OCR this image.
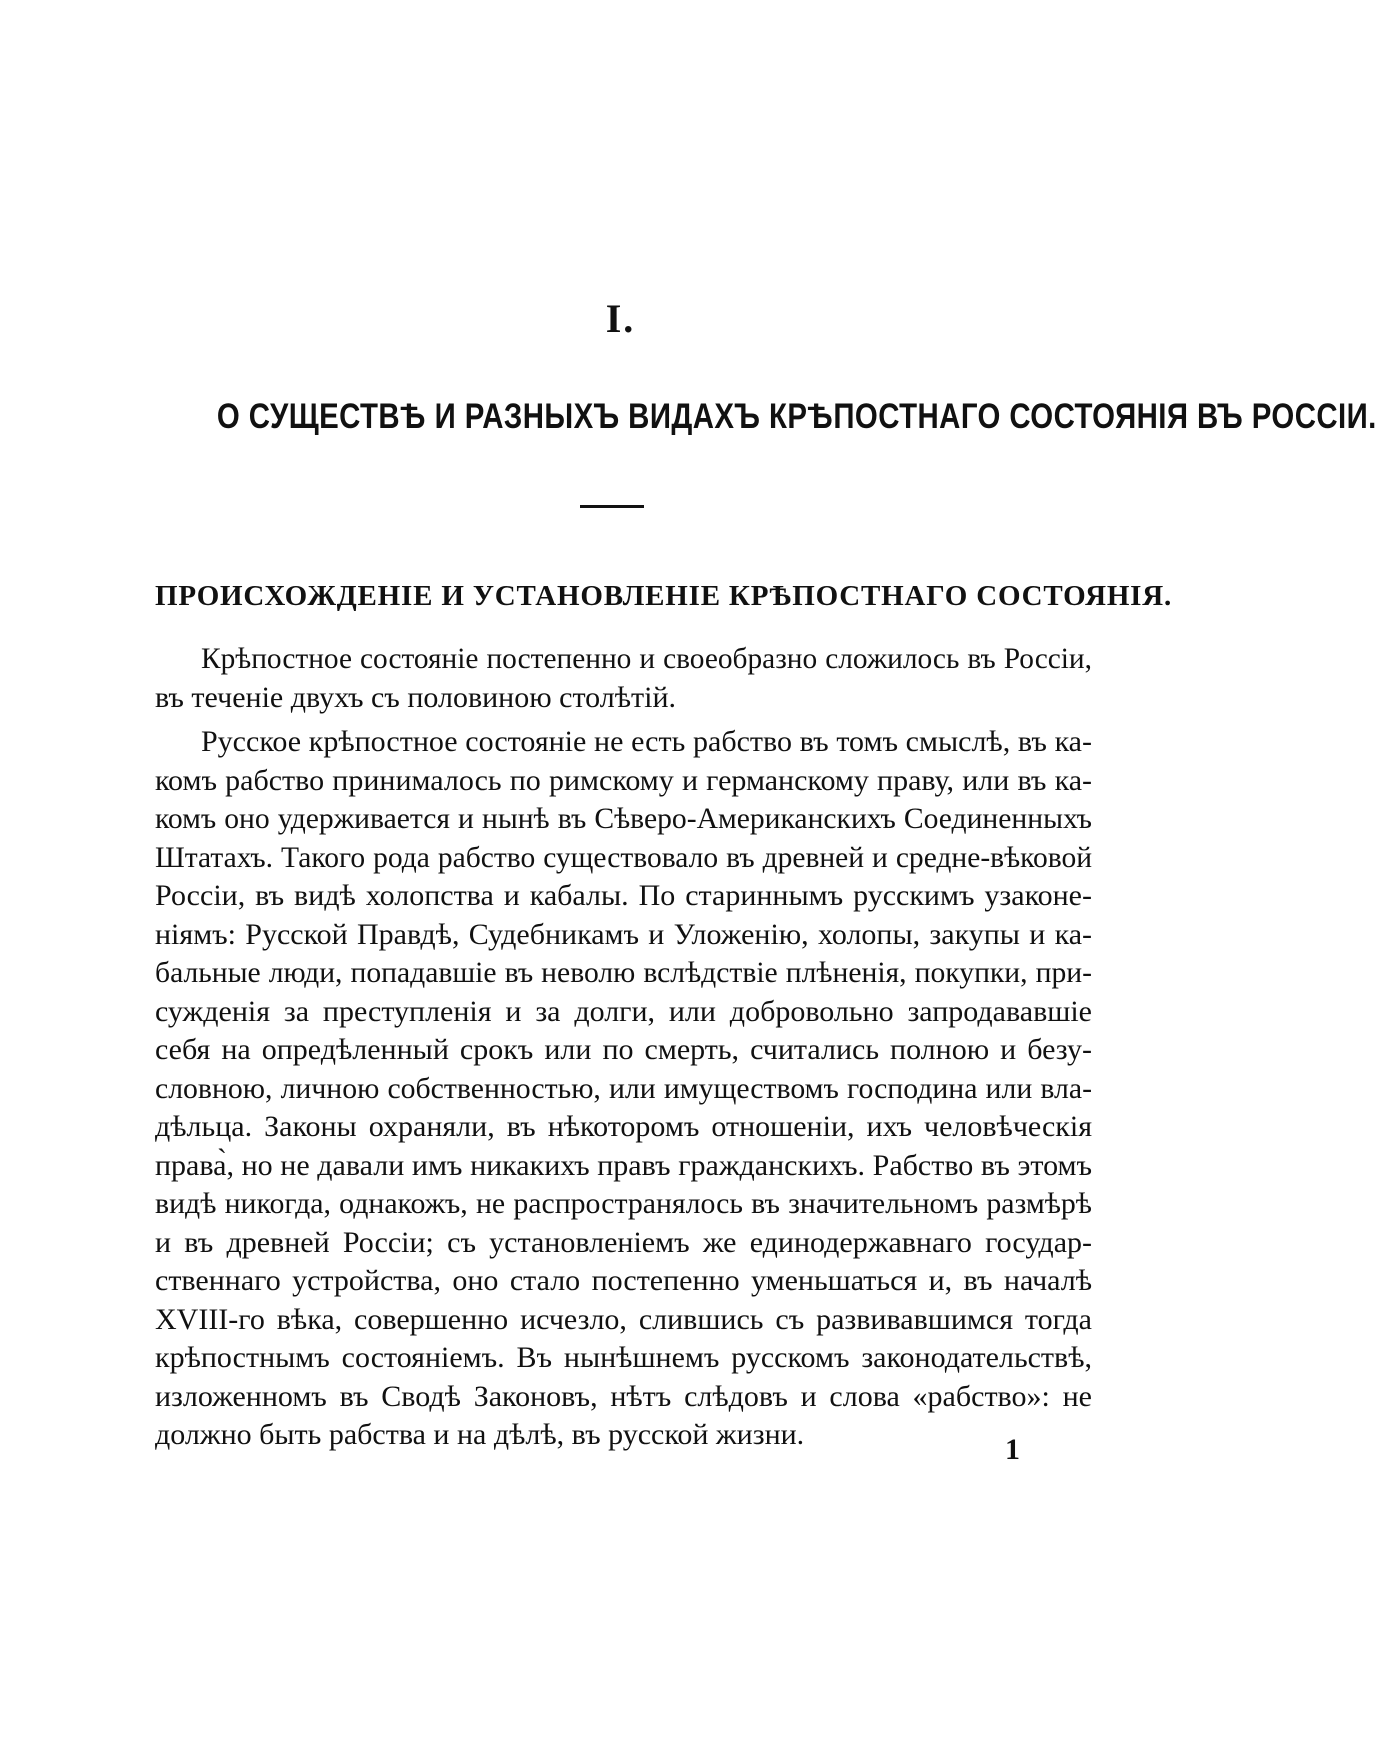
I.
О СУЩЕСТВѢ И РАЗНЫХЪ ВИДАХЪ КРѢПОСТНАГО СОСТОЯНІЯ ВЪ РОССІИ.
ПРОИСХОЖДЕНІЕ И УСТАНОВЛЕНІЕ КРѢПОСТНАГО СОСТОЯНІЯ.
Крѣпостное состояніе постепенно и своеобразно сложилось въ Россіи,
въ теченіе двухъ съ половиною столѣтій.
Русское крѣпостное состояніе не есть рабство въ томъ смыслѣ, въ ка-
комъ рабство принималось по римскому и германскому праву, или въ ка-
комъ оно удерживается и нынѣ въ Сѣверо-Американскихъ Соединенныхъ
Штатахъ. Такого рода рабство существовало въ древней и средне-вѣковой
Россіи, въ видѣ холопства и кабалы. По стариннымъ русскимъ узаконе-
ніямъ: Русской Правдѣ, Судебникамъ и Уложенію, холопы, закупы и ка-
бальные люди, попадавшіе въ неволю вслѣдствіе плѣненія, покупки, при-
сужденія за преступленія и за долги, или добровольно запродававшіе
себя на опредѣленный срокъ или по смерть, считались полною и безу-
словною, личною собственностью, или имуществомъ господина или вла-
дѣльца. Законы охраняли, въ нѣкоторомъ отношеніи, ихъ человѣческія
права̀, но не давали имъ никакихъ правъ гражданскихъ. Рабство въ этомъ
видѣ никогда, однакожъ, не распространялось въ значительномъ размѣрѣ
и въ древней Россіи; съ установленіемъ же единодержавнаго государ-
ственнаго устройства, оно стало постепенно уменьшаться и, въ началѣ
XVIII-го вѣка, совершенно исчезло, слившись съ развивавшимся тогда
крѣпостнымъ состояніемъ. Въ нынѣшнемъ русскомъ законодательствѣ,
изложенномъ въ Сводѣ Законовъ, нѣтъ слѣдовъ и слова «рабство»: не
должно быть рабства и на дѣлѣ, въ русской жизни.	1
